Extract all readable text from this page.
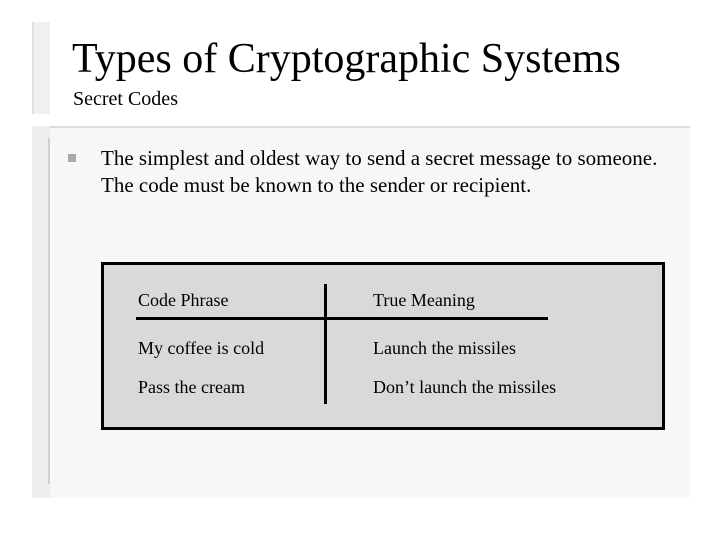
Types of Cryptographic Systems
Secret Codes
The simplest and oldest way to send a secret message to someone. The code must be known to the sender or recipient.
Code Phrase	True Meaning
My coffee is cold	Launch the missiles
Pass the cream	Don’t launch the missiles
